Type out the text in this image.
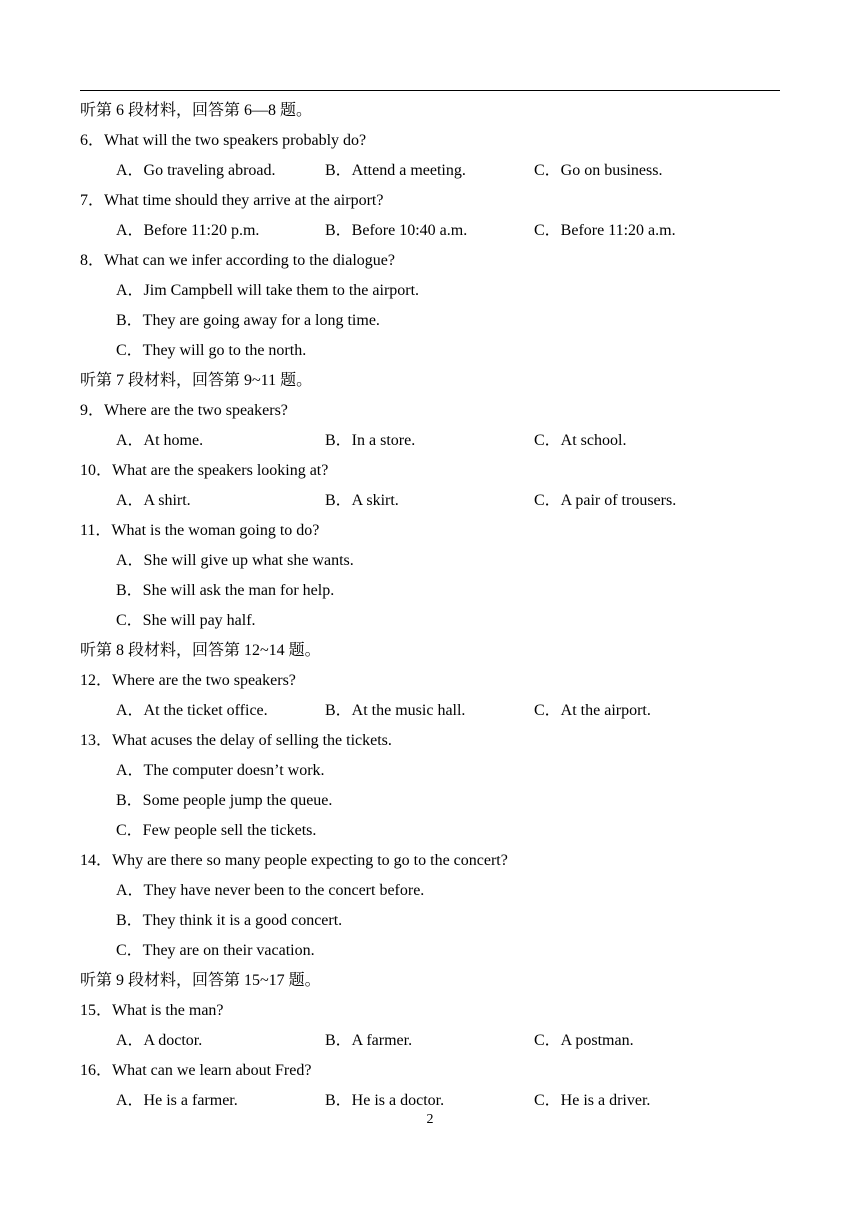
听第 6 段材料，回答第 6—8 题。
6．What will the two speakers probably do?
A．Go traveling abroad.	B．Attend a meeting.	C．Go on business.
7．What time should they arrive at the airport?
A．Before 11:20 p.m.	B．Before 10:40 a.m.	C．Before 11:20 a.m.
8．What can we infer according to the dialogue?
A．Jim Campbell will take them to the airport.
B．They are going away for a long time.
C．They will go to the north.
听第 7 段材料，回答第 9~11 题。
9．Where are the two speakers?
A．At home.	B．In a store.	C．At school.
10．What are the speakers looking at?
A．A shirt.	B．A skirt.	C．A pair of trousers.
11．What is the woman going to do?
A．She will give up what she wants.
B．She will ask the man for help.
C．She will pay half.
听第 8 段材料，回答第 12~14 题。
12．Where are the two speakers?
A．At the ticket office.	B．At the music hall.	C．At the airport.
13．What acuses the delay of selling the tickets.
A．The computer doesn’t work.
B．Some people jump the queue.
C．Few people sell the tickets.
14．Why are there so many people expecting to go to the concert?
A．They have never been to the concert before.
B．They think it is a good concert.
C．They are on their vacation.
听第 9 段材料，回答第 15~17 题。
15．What is the man?
A．A doctor.	B．A farmer.	C．A postman.
16．What can we learn about Fred?
A．He is a farmer.	B．He is a doctor.	C．He is a driver.
2
